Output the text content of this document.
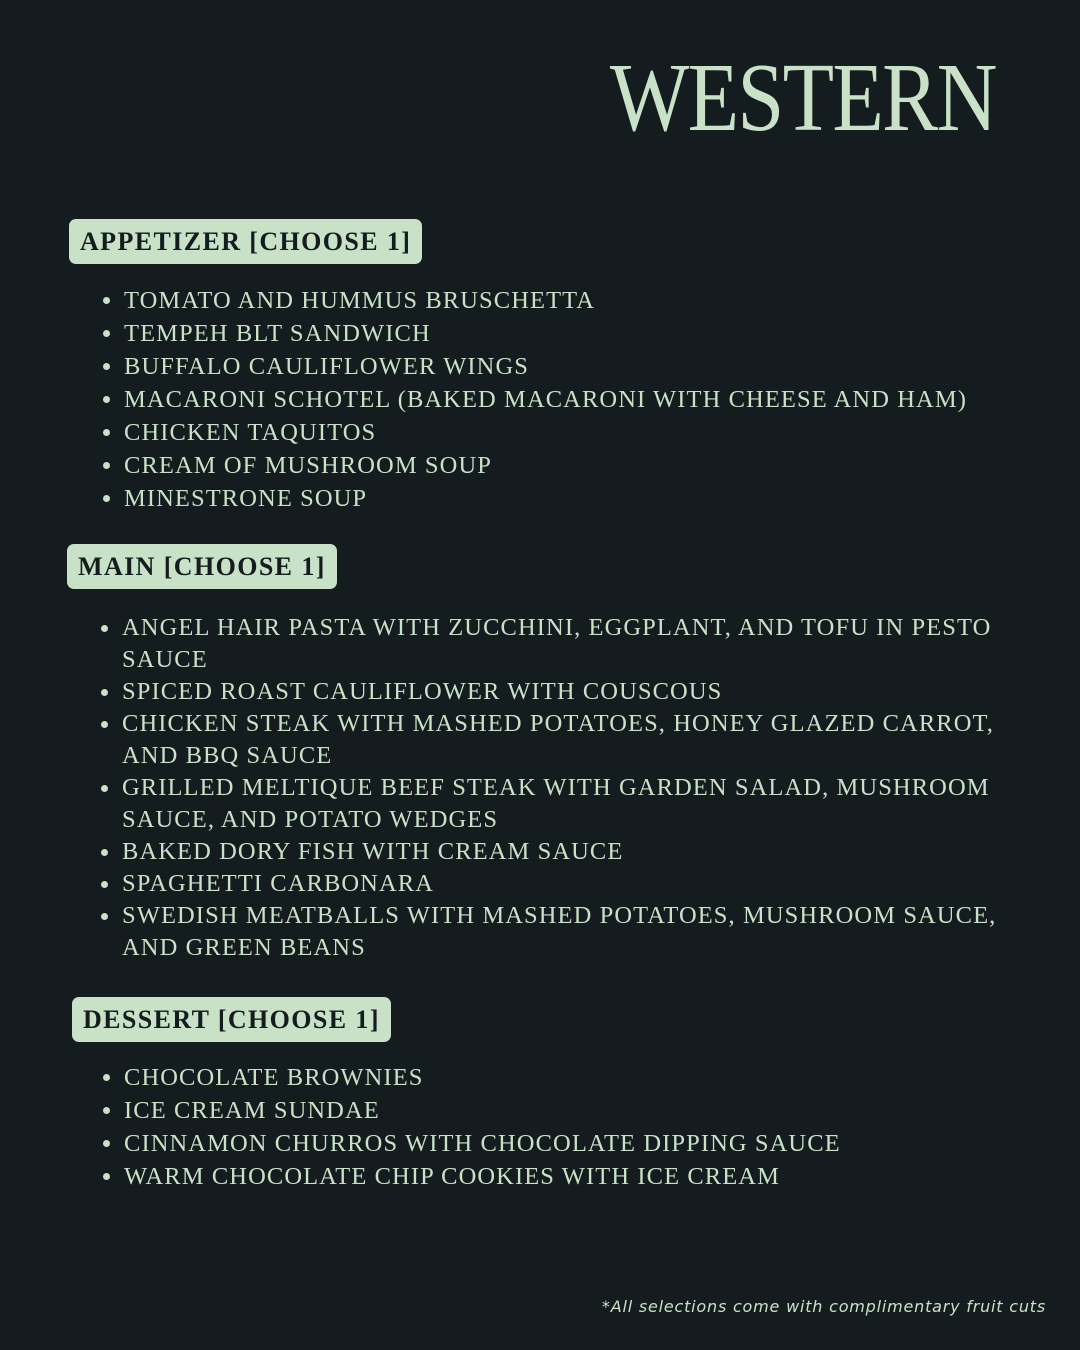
WESTERN
APPETIZER [CHOOSE 1]
TOMATO AND HUMMUS BRUSCHETTA
TEMPEH BLT SANDWICH
BUFFALO CAULIFLOWER WINGS
MACARONI SCHOTEL (BAKED MACARONI WITH CHEESE AND HAM)
CHICKEN TAQUITOS
CREAM OF MUSHROOM SOUP
MINESTRONE SOUP
MAIN [CHOOSE 1]
ANGEL HAIR PASTA WITH ZUCCHINI, EGGPLANT, AND TOFU IN PESTO SAUCE
SPICED ROAST CAULIFLOWER WITH COUSCOUS
CHICKEN STEAK WITH MASHED POTATOES, HONEY GLAZED CARROT, AND BBQ SAUCE
GRILLED MELTIQUE BEEF STEAK WITH GARDEN SALAD, MUSHROOM SAUCE, AND POTATO WEDGES
BAKED DORY FISH WITH CREAM SAUCE
SPAGHETTI CARBONARA
SWEDISH MEATBALLS WITH MASHED POTATOES, MUSHROOM SAUCE, AND GREEN BEANS
DESSERT [CHOOSE 1]
CHOCOLATE BROWNIES
ICE CREAM SUNDAE
CINNAMON CHURROS WITH CHOCOLATE DIPPING SAUCE
WARM CHOCOLATE CHIP COOKIES WITH ICE CREAM
*All selections come with complimentary fruit cuts
